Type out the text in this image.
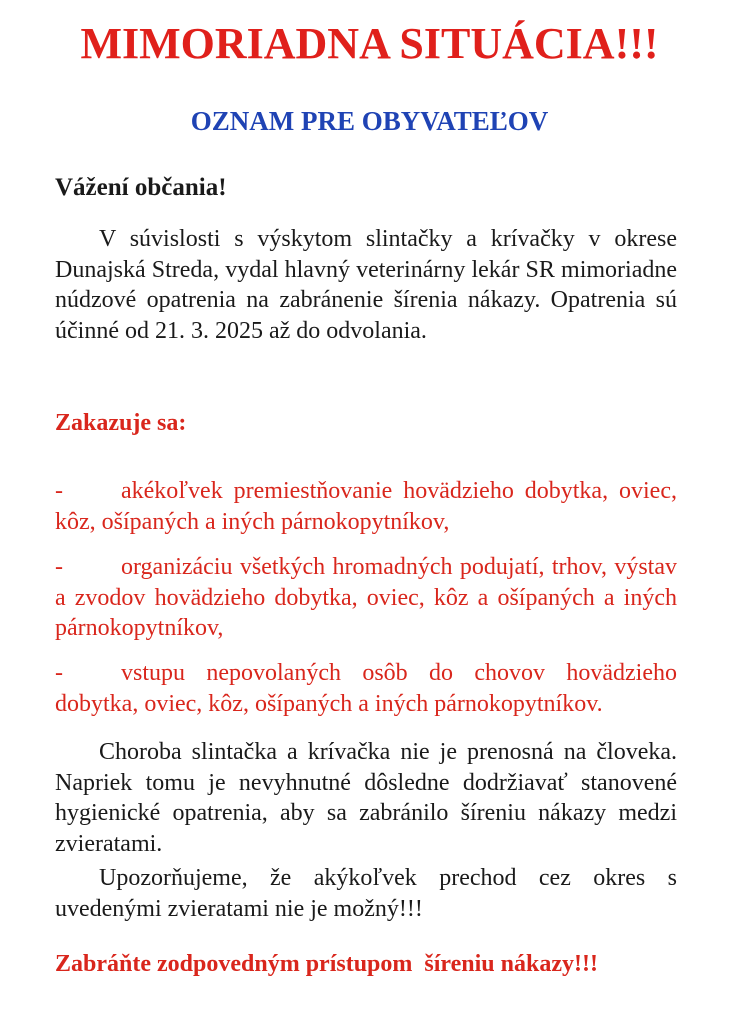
MIMORIADNA SITUÁCIA!!!
OZNAM PRE OBYVATEĽOV

Vážení občania!

V súvislosti s výskytom slintačky a krívačky v okrese Dunajská Streda, vydal hlavný veterinárny lekár SR mimoriadne núdzové opatrenia na zabránenie šírenia nákazy. Opatrenia sú účinné od 21. 3. 2025 až do odvolania.

Zakazuje sa:

- akékoľvek premiestňovanie hovädzieho dobytka, oviec, kôz, ošípaných a iných párnokopytníkov,

- organizáciu všetkých hromadných podujatí, trhov, výstav a zvodov hovädzieho dobytka, oviec, kôz a ošípaných a iných párnokopytníkov,

- vstupu nepovolaných osôb do chovov hovädzieho dobytka, oviec, kôz, ošípaných a iných párnokopytníkov.

Choroba slintačka a krívačka nie je prenosná na človeka. Napriek tomu je nevyhnutné dôsledne dodržiavať stanovené hygienické opatrenia, aby sa zabránilo šíreniu nákazy medzi zvieratami.

Upozorňujeme, že akýkoľvek prechod cez okres s uvedenými zvieratami nie je možný!!!

Zabráňte zodpovedným prístupom  šíreniu nákazy!!!
